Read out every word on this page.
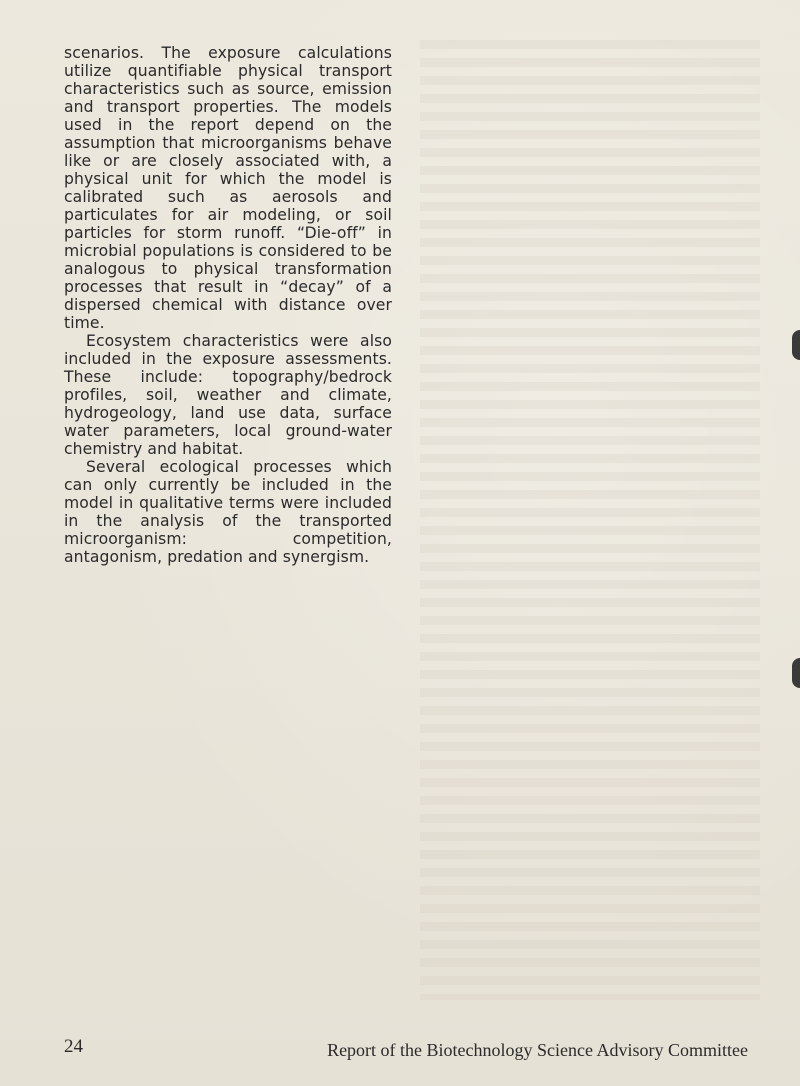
scenarios. The exposure calculations utilize quantifiable physical transport characteristics such as source, emission and transport properties. The models used in the report depend on the assumption that microorganisms behave like or are closely associated with, a physical unit for which the model is calibrated such as aerosols and particulates for air modeling, or soil particles for storm runoff. “Die-off” in microbial populations is considered to be analogous to physical transformation processes that result in “decay” of a dispersed chemical with distance over time.

Ecosystem characteristics were also included in the exposure assessments. These include: topography/bedrock profiles, soil, weather and climate, hydrogeology, land use data, surface water parameters, local ground-water chemistry and habitat.

Several ecological processes which can only currently be included in the model in qualitative terms were included in the analysis of the transported microorganism: competition, antagonism, predation and synergism.

24	Report of the Biotechnology Science Advisory Committee
